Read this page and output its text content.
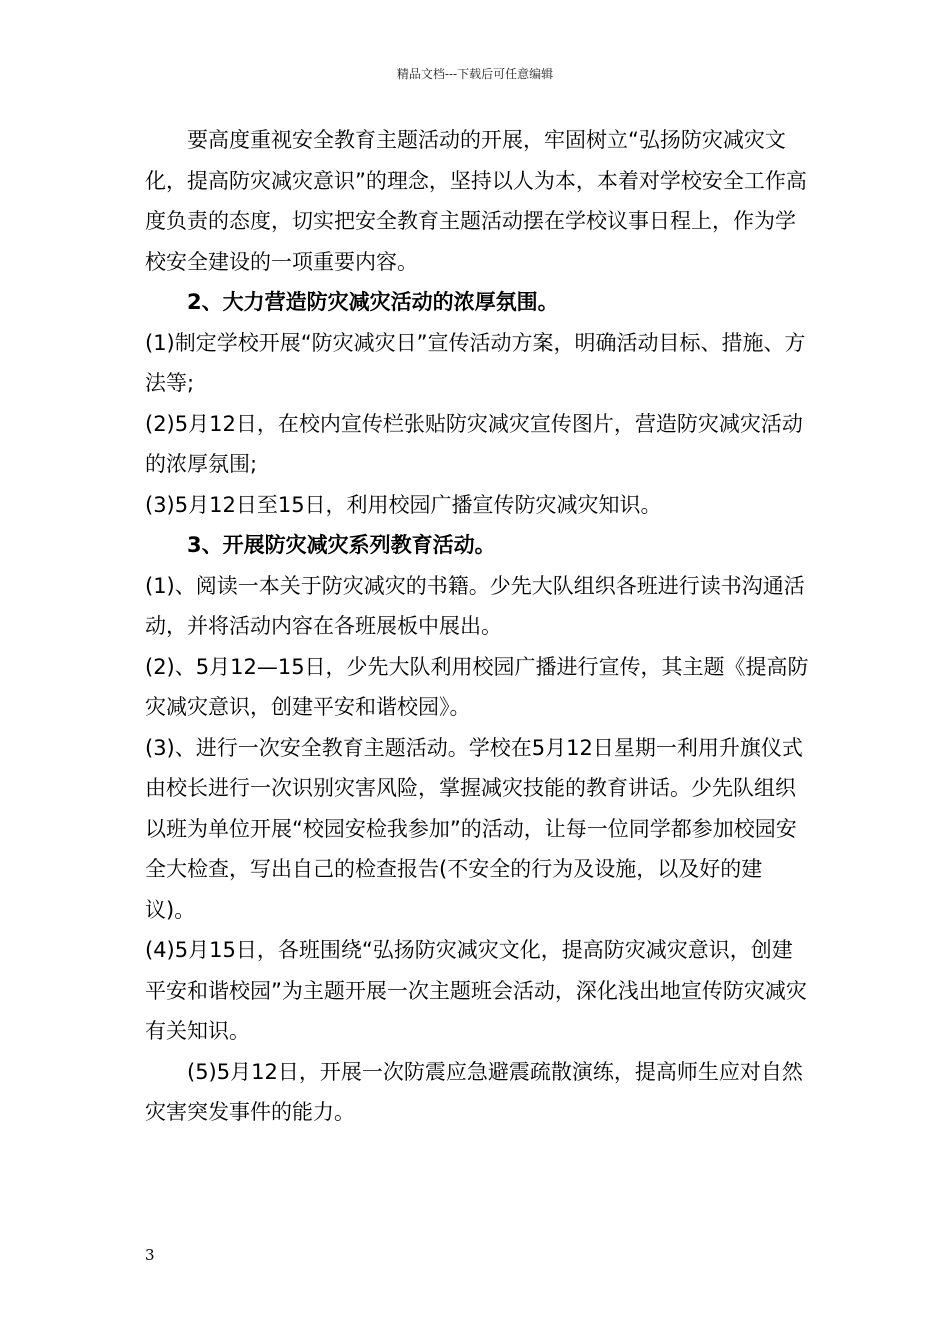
精品文档---下载后可任意编辑

要高度重视安全教育主题活动的开展，牢固树立“弘扬防灾减灾文化，提高防灾减灾意识”的理念，坚持以人为本，本着对学校安全工作高度负责的态度，切实把安全教育主题活动摆在学校议事日程上，作为学校安全建设的一项重要内容。

2、大力营造防灾减灾活动的浓厚氛围。

(1)制定学校开展“防灾减灾日”宣传活动方案，明确活动目标、措施、方法等;

(2)5月12日，在校内宣传栏张贴防灾减灾宣传图片，营造防灾减灾活动的浓厚氛围;

(3)5月12日至15日，利用校园广播宣传防灾减灾知识。

3、开展防灾减灾系列教育活动。

(1)、阅读一本关于防灾减灾的书籍。少先大队组织各班进行读书沟通活动，并将活动内容在各班展板中展出。

(2)、5月12—15日，少先大队利用校园广播进行宣传，其主题《提高防灾减灾意识，创建平安和谐校园》。

(3)、进行一次安全教育主题活动。学校在5月12日星期一利用升旗仪式由校长进行一次识别灾害风险，掌握减灾技能的教育讲话。少先队组织以班为单位开展“校园安检我参加”的活动，让每一位同学都参加校园安全大检查，写出自己的检查报告(不安全的行为及设施，以及好的建议)。

(4)5月15日，各班围绕“弘扬防灾减灾文化，提高防灾减灾意识，创建平安和谐校园”为主题开展一次主题班会活动，深化浅出地宣传防灾减灾有关知识。

(5)5月12日，开展一次防震应急避震疏散演练，提高师生应对自然灾害突发事件的能力。

3
